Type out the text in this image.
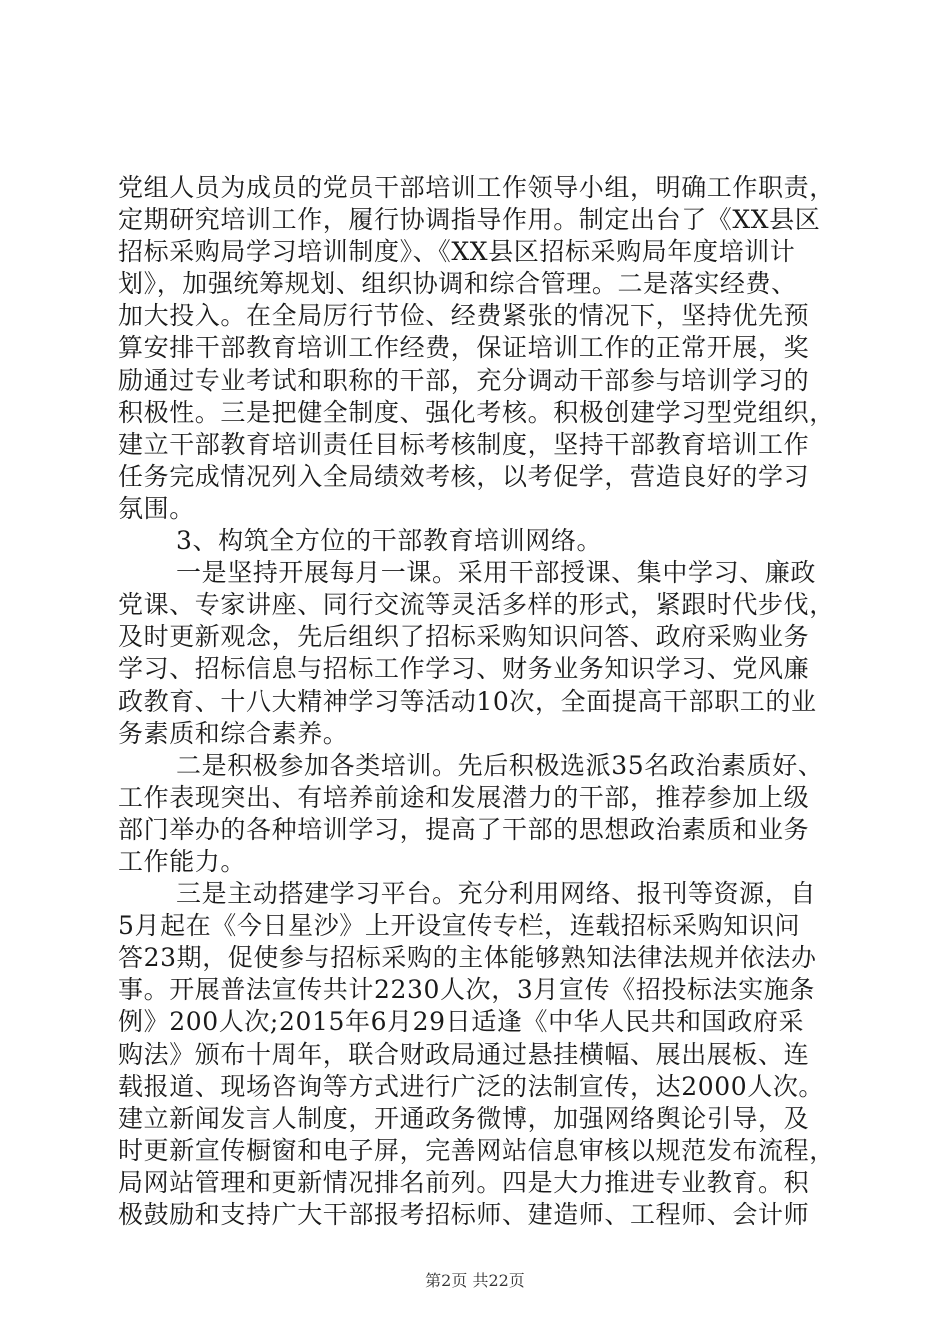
党组人员为成员的党员干部培训工作领导小组，明确工作职责，
定期研究培训工作，履行协调指导作用。制定出台了《XX县区
招标采购局学习培训制度》、《XX县区招标采购局年度培训计
划》，加强统筹规划、组织协调和综合管理。二是落实经费、
加大投入。在全局厉行节俭、经费紧张的情况下，坚持优先预
算安排干部教育培训工作经费，保证培训工作的正常开展，奖
励通过专业考试和职称的干部，充分调动干部参与培训学习的
积极性。三是把健全制度、强化考核。积极创建学习型党组织，
建立干部教育培训责任目标考核制度，坚持干部教育培训工作
任务完成情况列入全局绩效考核，以考促学，营造良好的学习
氛围。
3、构筑全方位的干部教育培训网络。
一是坚持开展每月一课。采用干部授课、集中学习、廉政
党课、专家讲座、同行交流等灵活多样的形式，紧跟时代步伐，
及时更新观念，先后组织了招标采购知识问答、政府采购业务
学习、招标信息与招标工作学习、财务业务知识学习、党风廉
政教育、十八大精神学习等活动10次，全面提高干部职工的业
务素质和综合素养。
二是积极参加各类培训。先后积极选派35名政治素质好、
工作表现突出、有培养前途和发展潜力的干部，推荐参加上级
部门举办的各种培训学习，提高了干部的思想政治素质和业务
工作能力。
三是主动搭建学习平台。充分利用网络、报刊等资源，自
5月起在《今日星沙》上开设宣传专栏，连载招标采购知识问
答23期，促使参与招标采购的主体能够熟知法律法规并依法办
事。开展普法宣传共计2230人次，3月宣传《招投标法实施条
例》200人次;2015年6月29日适逢《中华人民共和国政府采
购法》颁布十周年，联合财政局通过悬挂横幅、展出展板、连
载报道、现场咨询等方式进行广泛的法制宣传，达2000人次。
建立新闻发言人制度，开通政务微博，加强网络舆论引导，及
时更新宣传橱窗和电子屏，完善网站信息审核以规范发布流程，
局网站管理和更新情况排名前列。四是大力推进专业教育。积
极鼓励和支持广大干部报考招标师、建造师、工程师、会计师
第2页 共22页
